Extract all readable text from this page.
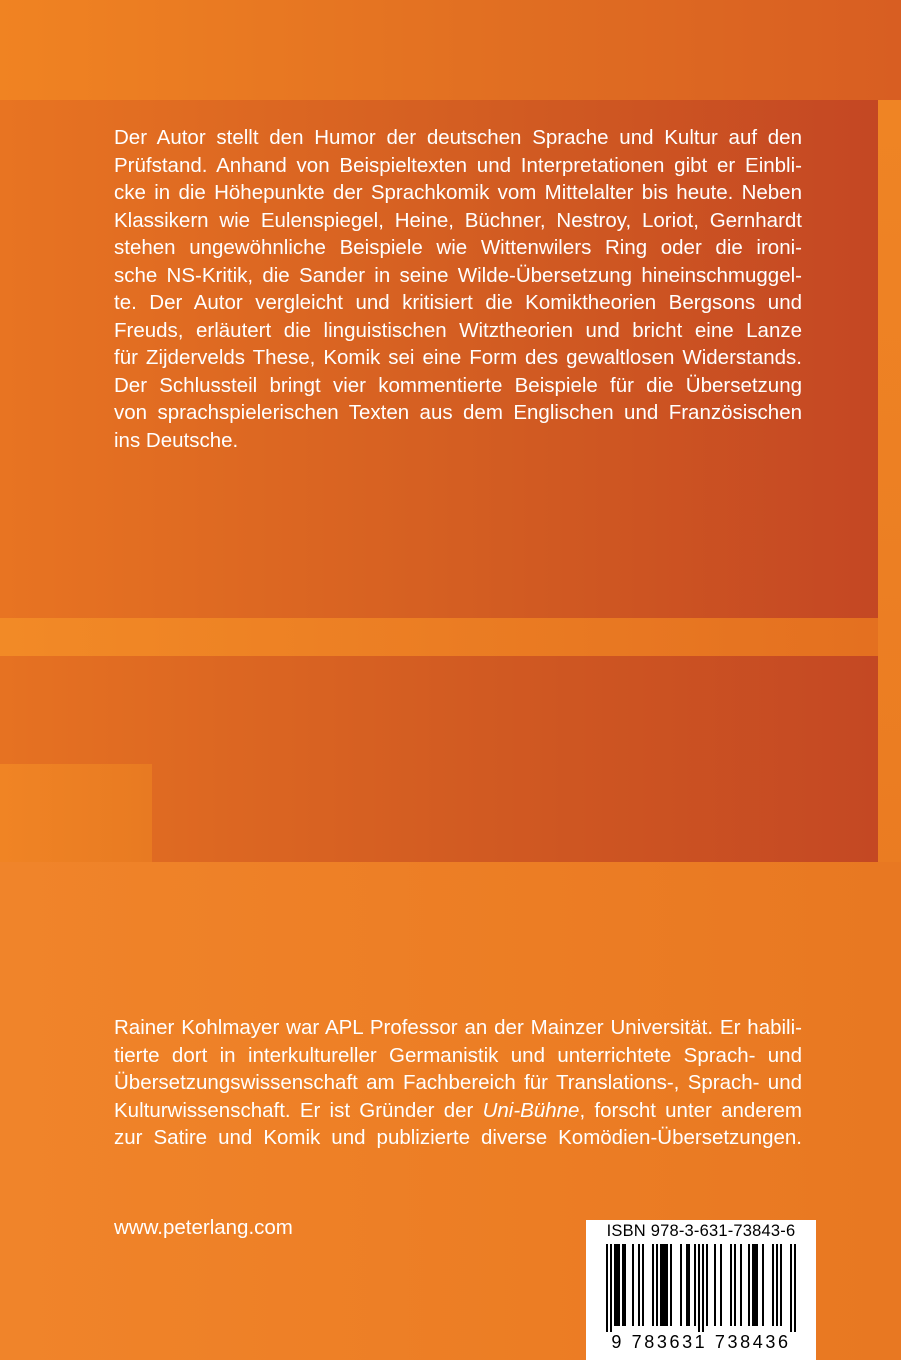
Der Autor stellt den Humor der deutschen Sprache und Kultur auf den
Prüfstand. Anhand von Beispieltexten und Interpretationen gibt er Einbli-
cke in die Höhepunkte der Sprachkomik vom Mittelalter bis heute. Neben
Klassikern wie Eulenspiegel, Heine, Büchner, Nestroy, Loriot, Gernhardt
stehen ungewöhnliche Beispiele wie Wittenwilers Ring oder die ironi-
sche NS-Kritik, die Sander in seine Wilde-Übersetzung hineinschmuggel-
te. Der Autor vergleicht und kritisiert die Komiktheorien Bergsons und
Freuds, erläutert die linguistischen Witztheorien und bricht eine Lanze
für Zijdervelds These, Komik sei eine Form des gewaltlosen Widerstands.
Der Schlussteil bringt vier kommentierte Beispiele für die Übersetzung
von sprachspielerischen Texten aus dem Englischen und Französischen
ins Deutsche.
Rainer Kohlmayer war APL Professor an der Mainzer Universität. Er habili-
tierte dort in interkultureller Germanistik und unterrichtete Sprach- und
Übersetzungswissenschaft am Fachbereich für Translations-, Sprach- und
Kulturwissenschaft. Er ist Gründer der Uni-Bühne, forscht unter anderem
zur Satire und Komik und publizierte diverse Komödien-Übersetzungen.
www.peterlang.com	ISBN 978-3-631-73843-6
9 783631 738436
